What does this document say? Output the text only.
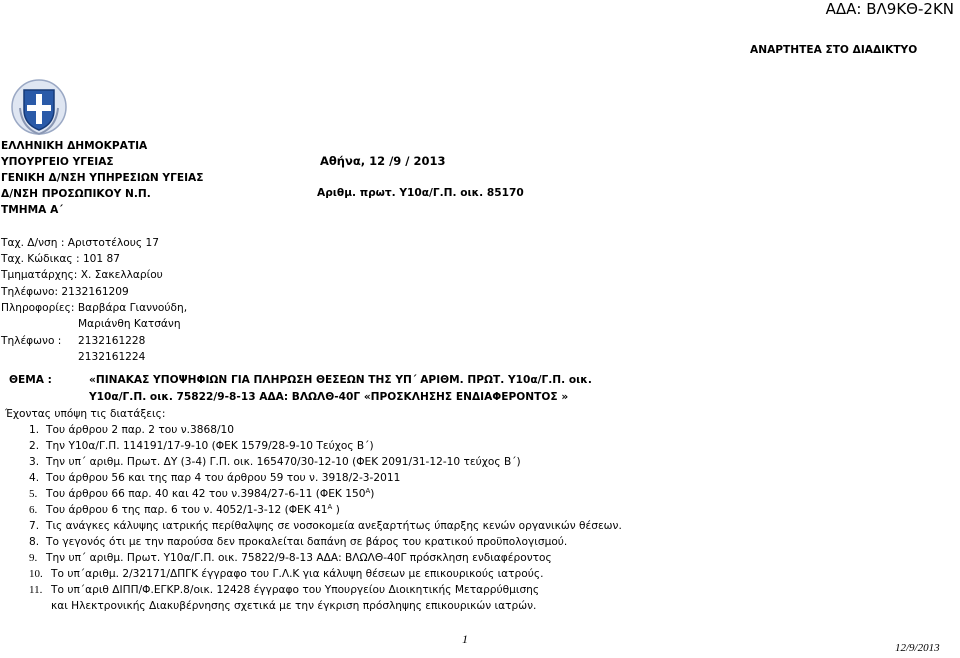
ΑΔΑ: ΒΛ9ΚΘ-2ΚΝ
ΑΝΑΡΤΗΤΕΑ ΣΤΟ ΔΙΑΔΙΚΤΥΟ
ΕΛΛΗΝΙΚΗ ΔΗΜΟΚΡΑΤΙΑ
ΥΠΟΥΡΓΕΙΟ ΥΓΕΙΑΣ
ΓΕΝΙΚΗ Δ/ΝΣΗ ΥΠΗΡΕΣΙΩΝ ΥΓΕΙΑΣ
Δ/ΝΣΗ ΠΡΟΣΩΠΙΚΟΥ Ν.Π.
ΤΜΗΜΑ Α΄
Αθήνα, 12 /9 / 2013
Αριθμ. πρωτ. Υ10α/Γ.Π. οικ. 85170
Ταχ. Δ/νση : Αριστοτέλους 17
Ταχ. Κώδικας : 101 87
Τμηματάρχης: Χ. Σακελλαρίου
Τηλέφωνο: 2132161209
Πληροφορίες: Βαρβάρα Γιαννούδη,
Μαριάνθη Κατσάνη
Τηλέφωνο : 2132161228
2132161224
ΘΕΜΑ :	«ΠΙΝΑΚΑΣ ΥΠΟΨΗΦΙΩΝ ΓΙΑ ΠΛΗΡΩΣΗ ΘΕΣΕΩΝ ΤΗΣ ΥΠ΄ ΑΡΙΘΜ. ΠΡΩΤ. Υ10α/Γ.Π. οικ.
Υ10α/Γ.Π. οικ. 75822/9-8-13 ΑΔΑ: ΒΛΩΛΘ-40Γ «ΠΡΟΣΚΛΗΣΗΣ ΕΝΔΙΑΦΕΡΟΝΤΟΣ »
Έχοντας υπόψη τις διατάξεις:
1. Του άρθρου 2 παρ. 2 του ν.3868/10
2. Την Υ10α/Γ.Π. 114191/17-9-10 (ΦΕΚ 1579/28-9-10 Τεύχος Β΄)
3. Την υπ΄ αριθμ. Πρωτ. ΔΥ (3-4) Γ.Π. οικ. 165470/30-12-10 (ΦΕΚ 2091/31-12-10 τεύχος Β΄)
4. Του άρθρου 56 και της παρ 4 του άρθρου 59 του ν. 3918/2-3-2011
5. Του άρθρου 66 παρ. 40 και 42 του ν.3984/27-6-11 (ΦΕΚ $150^A$)
6. Του άρθρου 6 της παρ. 6 του ν. 4052/1-3-12 (ΦΕΚ $41^A$ )
7. Τις ανάγκες κάλυψης ιατρικής περίθαλψης σε νοσοκομεία ανεξαρτήτως ύπαρξης κενών οργανικών θέσεων.
8. Το γεγονός ότι με την παρούσα δεν προκαλείται δαπάνη σε βάρος του κρατικού προϋπολογισμού.
9. Την υπ΄ αριθμ. Πρωτ. Υ10α/Γ.Π. οικ. 75822/9-8-13 ΑΔΑ: ΒΛΩΛΘ-40Γ πρόσκληση ενδιαφέροντος
10. Το υπ΄αριθμ. 2/32171/ΔΠΓΚ έγγραφο του Γ.Λ.Κ για κάλυψη θέσεων με επικουρικούς ιατρούς.
11. Το υπ΄αριθ ΔΙΠΠ/Φ.ΕΓΚΡ.8/οικ. 12428 έγγραφο του Υπουργείου Διοικητικής Μεταρρύθμισης
και Ηλεκτρονικής Διακυβέρνησης σχετικά με την έγκριση πρόσληψης επικουρικών ιατρών.
1
12/9/2013
